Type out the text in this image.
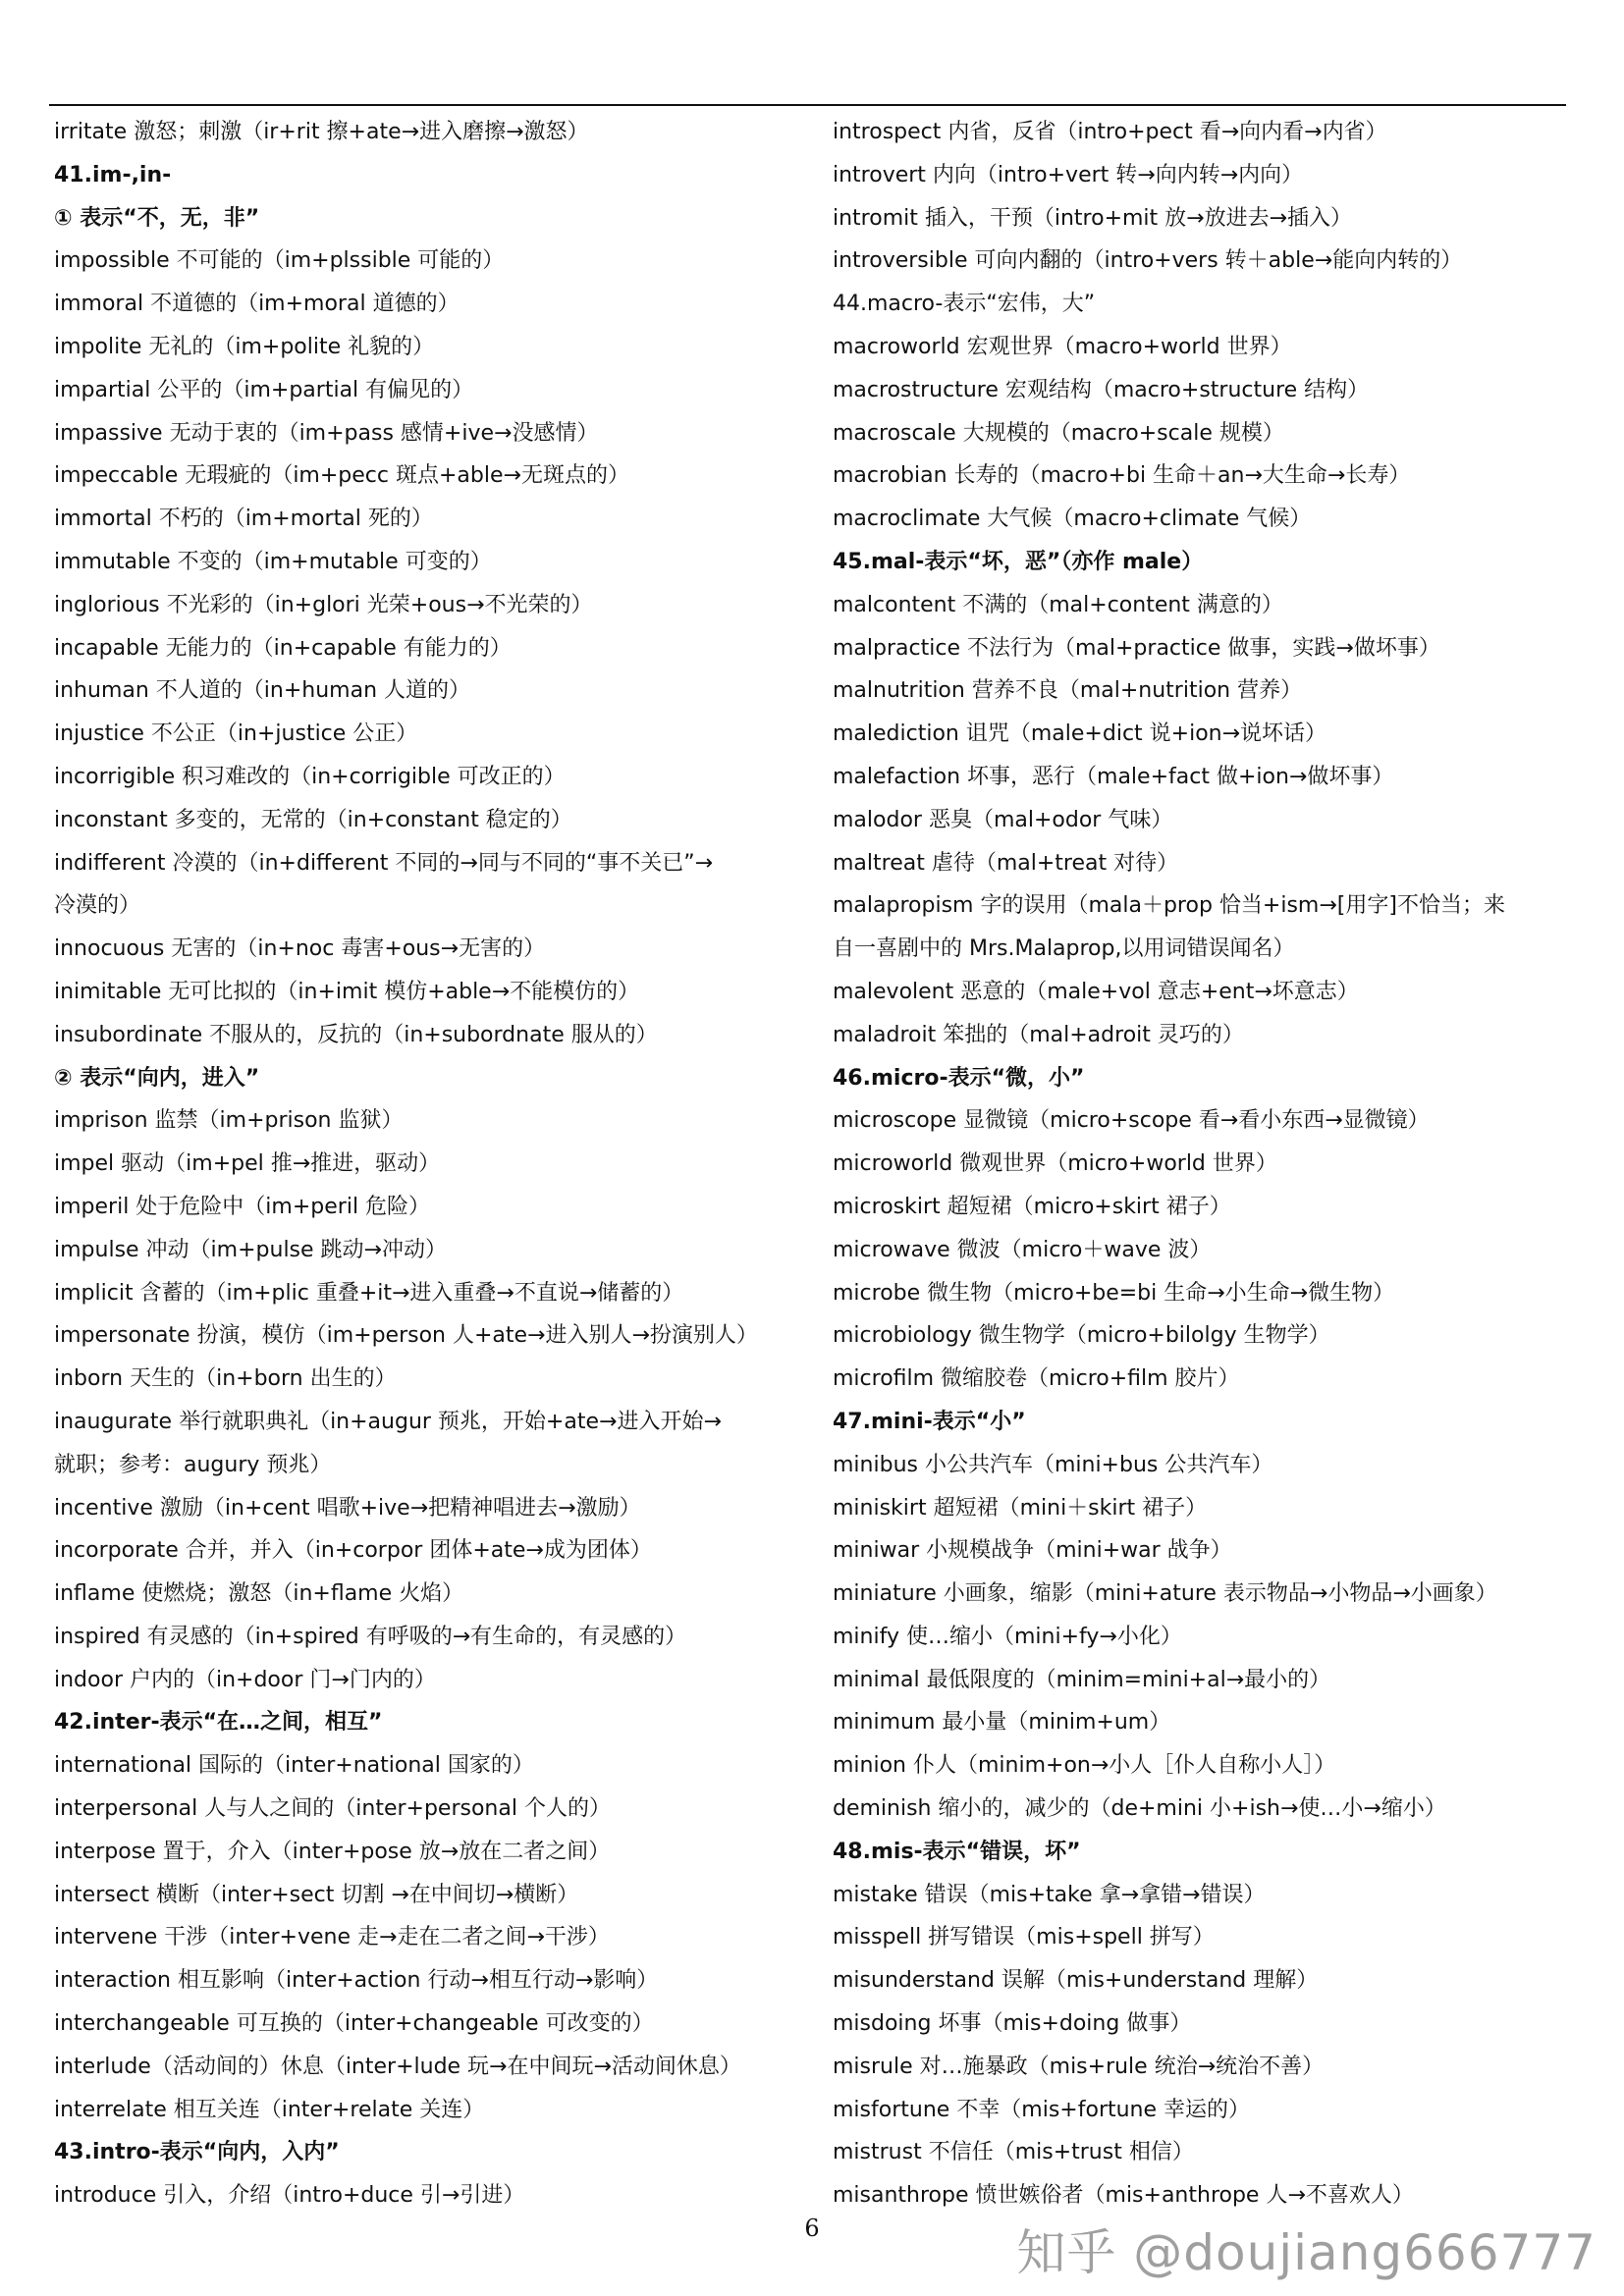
irritate 激怒；刺激（ir+rit 擦+ate→进入磨擦→激怒）
41.im-,in-
① 表示“不，无，非”
impossible 不可能的（im+plssible 可能的）
immoral 不道德的（im+moral 道德的）
impolite 无礼的（im+polite 礼貌的）
impartial 公平的（im+partial 有偏见的）
impassive 无动于衷的（im+pass 感情+ive→没感情）
impeccable 无瑕疵的（im+pecc 斑点+able→无斑点的）
immortal 不朽的（im+mortal 死的）
immutable 不变的（im+mutable 可变的）
inglorious 不光彩的（in+glori 光荣+ous→不光荣的）
incapable 无能力的（in+capable 有能力的）
inhuman 不人道的（in+human 人道的）
injustice 不公正（in+justice 公正）
incorrigible 积习难改的（in+corrigible 可改正的）
inconstant 多变的，无常的（in+constant 稳定的）
indifferent 冷漠的（in+different 不同的→同与不同的“事不关已”→
冷漠的）
innocuous 无害的（in+noc 毒害+ous→无害的）
inimitable 无可比拟的（in+imit 模仿+able→不能模仿的）
insubordinate 不服从的，反抗的（in+subordnate 服从的）
② 表示“向内，进入”
imprison 监禁（im+prison 监狱）
impel 驱动（im+pel 推→推进，驱动）
imperil 处于危险中（im+peril 危险）
impulse 冲动（im+pulse 跳动→冲动）
implicit 含蓄的（im+plic 重叠+it→进入重叠→不直说→储蓄的）
impersonate 扮演，模仿（im+person 人+ate→进入别人→扮演别人）
inborn 天生的（in+born 出生的）
inaugurate 举行就职典礼（in+augur 预兆，开始+ate→进入开始→
就职；参考：augury 预兆）
incentive 激励（in+cent 唱歌+ive→把精神唱进去→激励）
incorporate 合并，并入（in+corpor 团体+ate→成为团体）
inflame 使燃烧；激怒（in+flame 火焰）
inspired 有灵感的（in+spired 有呼吸的→有生命的，有灵感的）
indoor 户内的（in+door 门→门内的）
42.inter-表示“在…之间，相互”
international 国际的（inter+national 国家的）
interpersonal 人与人之间的（inter+personal 个人的）
interpose 置于，介入（inter+pose 放→放在二者之间）
intersect 横断（inter+sect 切割 →在中间切→横断）
intervene 干涉（inter+vene 走→走在二者之间→干涉）
interaction 相互影响（inter+action 行动→相互行动→影响）
interchangeable 可互换的（inter+changeable 可改变的）
interlude（活动间的）休息（inter+lude 玩→在中间玩→活动间休息）
interrelate 相互关连（inter+relate 关连）
43.intro-表示“向内，入内”
introduce 引入，介绍（intro+duce 引→引进）
introspect 内省，反省（intro+pect 看→向内看→内省）
introvert 内向（intro+vert 转→向内转→内向）
intromit 插入，干预（intro+mit 放→放进去→插入）
introversible 可向内翻的（intro+vers 转＋able→能向内转的）
44.macro-表示“宏伟，大”
macroworld 宏观世界（macro+world 世界）
macrostructure 宏观结构（macro+structure 结构）
macroscale 大规模的（macro+scale 规模）
macrobian 长寿的（macro+bi 生命＋an→大生命→长寿）
macroclimate 大气候（macro+climate 气候）
45.mal-表示“坏，恶”（亦作 male）
malcontent 不满的（mal+content 满意的）
malpractice 不法行为（mal+practice 做事，实践→做坏事）
malnutrition 营养不良（mal+nutrition 营养）
malediction 诅咒（male+dict 说+ion→说坏话）
malefaction 坏事，恶行（male+fact 做+ion→做坏事）
malodor 恶臭（mal+odor 气味）
maltreat 虐待（mal+treat 对待）
malapropism 字的误用（mala＋prop 恰当+ism→[用字]不恰当；来
自一喜剧中的 Mrs.Malaprop,以用词错误闻名）
malevolent 恶意的（male+vol 意志+ent→坏意志）
maladroit 笨拙的（mal+adroit 灵巧的）
46.micro-表示“微，小”
microscope 显微镜（micro+scope 看→看小东西→显微镜）
microworld 微观世界（micro+world 世界）
microskirt 超短裙（micro+skirt 裙子）
microwave 微波（micro＋wave 波）
microbe 微生物（micro+be=bi 生命→小生命→微生物）
microbiology 微生物学（micro+bilolgy 生物学）
microfilm 微缩胶卷（micro+film 胶片）
47.mini-表示“小”
minibus 小公共汽车（mini+bus 公共汽车）
miniskirt 超短裙（mini＋skirt 裙子）
miniwar 小规模战争（mini+war 战争）
miniature 小画象，缩影（mini+ature 表示物品→小物品→小画象）
minify 使…缩小（mini+fy→小化）
minimal 最低限度的（minim=mini+al→最小的）
minimum 最小量（minim+um）
minion 仆人（minim+on→小人［仆人自称小人］）
deminish 缩小的，减少的（de+mini 小+ish→使…小→缩小）
48.mis-表示“错误，坏”
mistake 错误（mis+take 拿→拿错→错误）
misspell 拼写错误（mis+spell 拼写）
misunderstand 误解（mis+understand 理解）
misdoing 坏事（mis+doing 做事）
misrule 对…施暴政（mis+rule 统治→统治不善）
misfortune 不幸（mis+fortune 幸运的）
mistrust 不信任（mis+trust 相信）
misanthrope 愤世嫉俗者（mis+anthrope 人→不喜欢人）
6	知乎 @doujiang666777
